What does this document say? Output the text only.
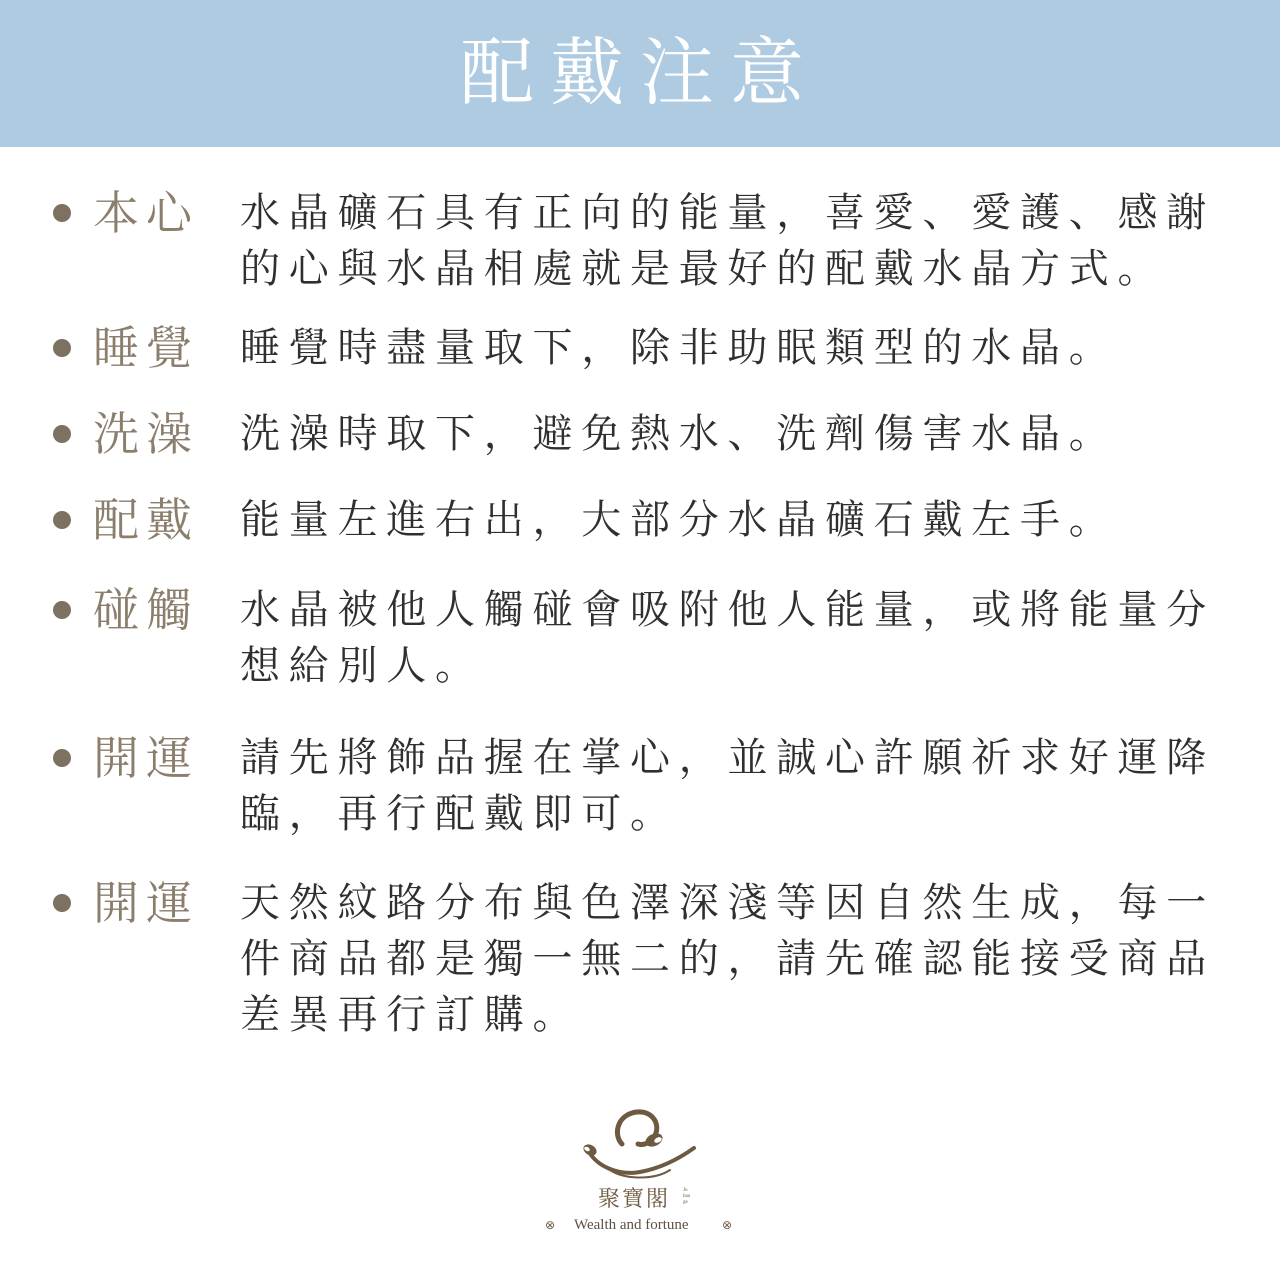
配戴注意
本心 水晶礦石具有正向的能量，喜愛、愛護、感謝
的心與水晶相處就是最好的配戴水晶方式。
睡覺 睡覺時盡量取下，除非助眠類型的水晶。
洗澡 洗澡時取下，避免熱水、洗劑傷害水晶。
配戴 能量左進右出，大部分水晶礦石戴左手。
碰觸 水晶被他人觸碰會吸附他人能量，或將能量分
想給別人。
開運 請先將飾品握在掌心，並誠心許願祈求好運降
臨，再行配戴即可。
開運 天然紋路分布與色澤深淺等因自然生成，每一
件商品都是獨一無二的，請先確認能接受商品
差異再行訂購。
聚寶閣	Ju
bao
ge
⊗ Wealth and fortune	⊗
